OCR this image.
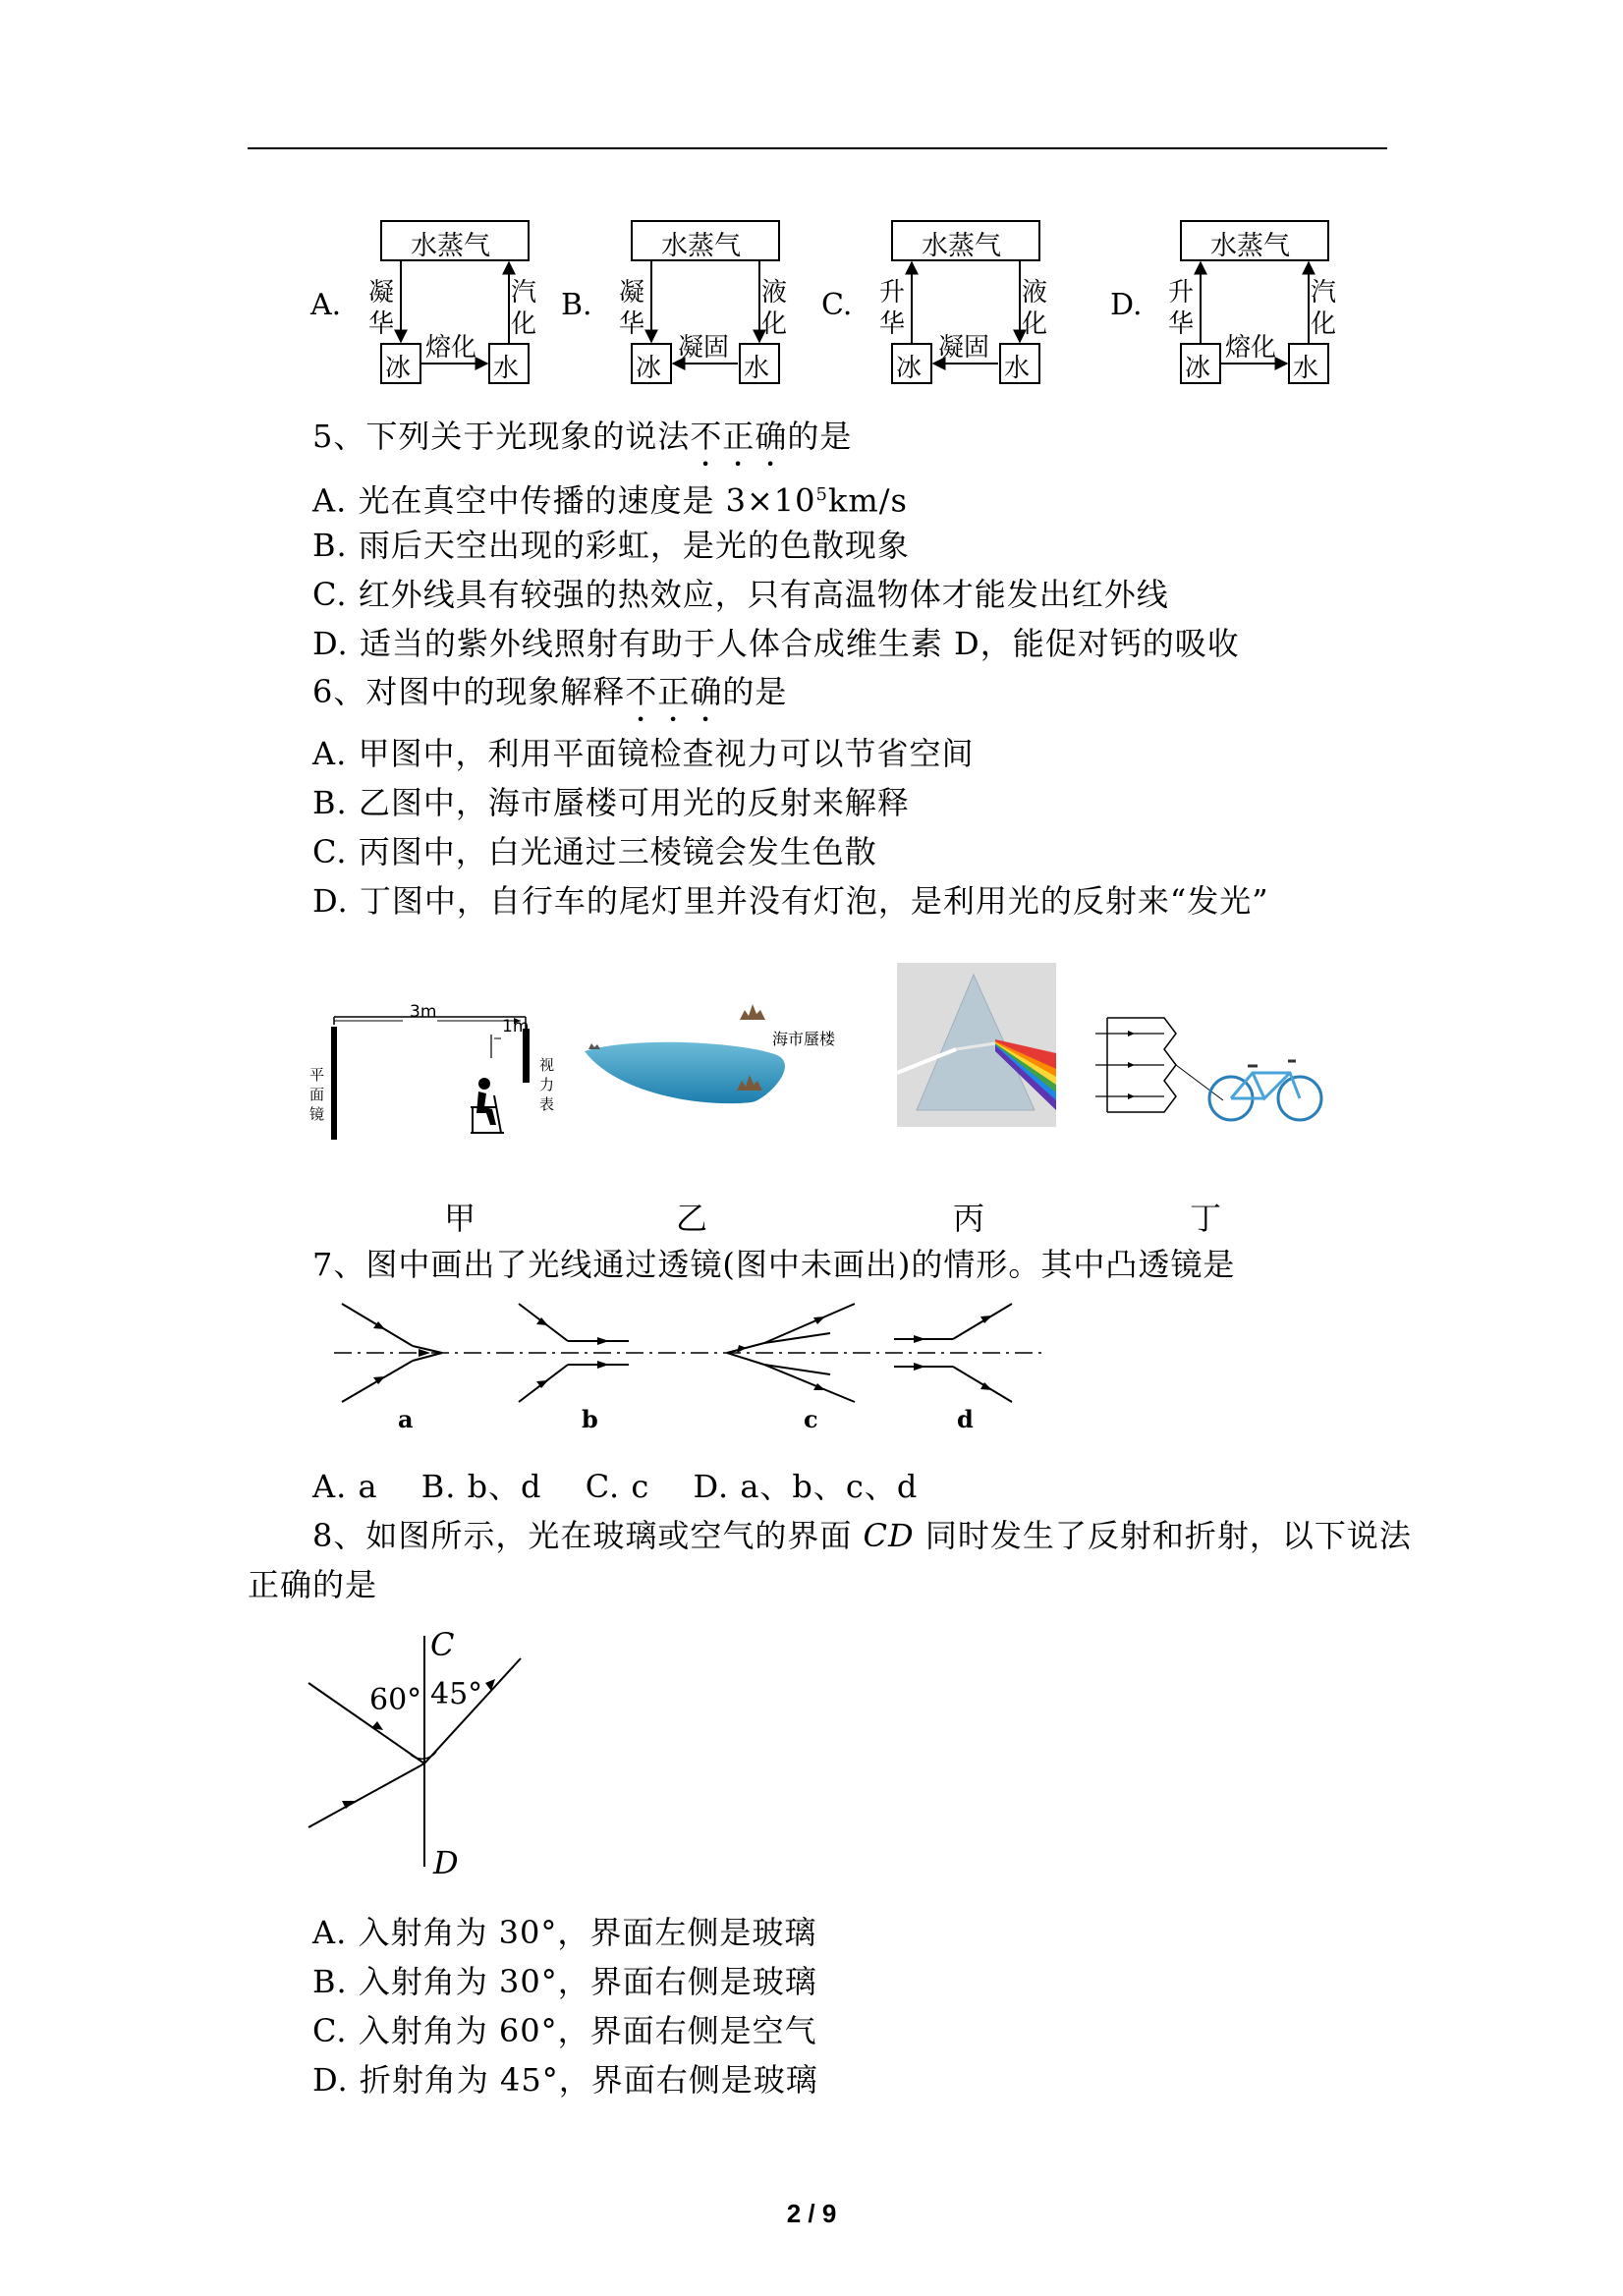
A.	B.	C.	D.
水蒸气
冰	水
凝
华
汽
化
熔化
水蒸气
冰	水
凝
华
液
化
凝固
水蒸气
冰	水
升
华
液
化
凝固
水蒸气
冰	水
升
华
汽
化
熔化
5、下列关于光现象的说法不正确的是
A. 光在真空中传播的速度是 $3\times 10^5km/s$
B. 雨后天空出现的彩虹，是光的色散现象
C. 红外线具有较强的热效应，只有高温物体才能发出红外线
D. 适当的紫外线照射有助于人体合成维生素 D，能促对钙的吸收
6、对图中的现象解释不正确的是
A. 甲图中，利用平面镜检查视力可以节省空间
B. 乙图中，海市蜃楼可用光的反射来解释
C. 丙图中，白光通过三棱镜会发生色散
D. 丁图中，自行车的尾灯里并没有灯泡，是利用光的反射来“发光”
3m
1m
平
面
镜
视
力
表
海市蜃楼
甲	乙	丙	丁
7、图中画出了光线通过透镜(图中未画出)的情形。其中凸透镜是
a	b	c	d
A. a　 B. b、d　 C. c　 D. a、b、c、d
8、如图所示，光在玻璃或空气的界面 CD 同时发生了反射和折射，以下说法
正确的是
C
D
60° 45°
A. 入射角为 30°，界面左侧是玻璃
B. 入射角为 30°，界面右侧是玻璃
C. 入射角为 60°，界面右侧是空气
D. 折射角为 45°，界面右侧是玻璃
2 / 9
